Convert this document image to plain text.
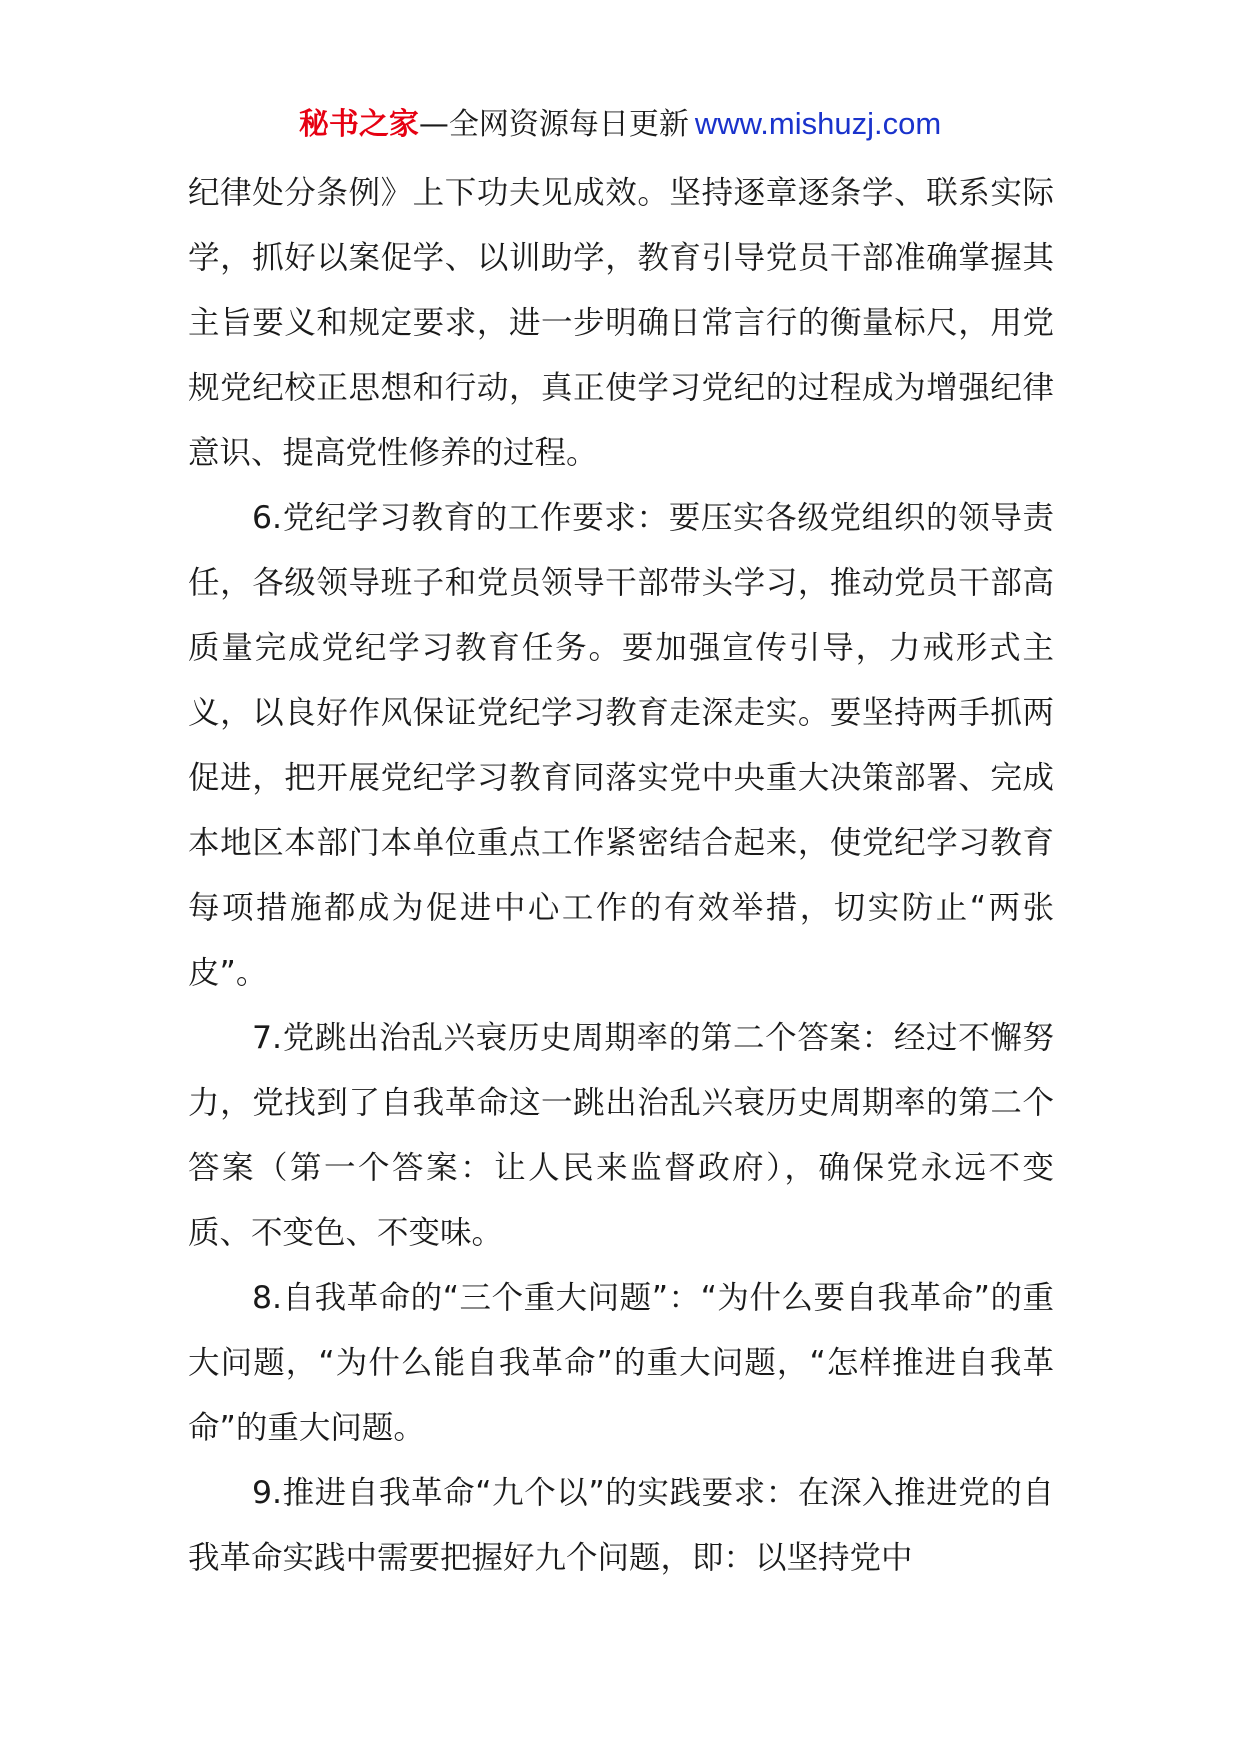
秘书之家—全网资源每日更新 www.mishuzj.com

纪律处分条例》上下功夫见成效。坚持逐章逐条学、联系实际学，抓好以案促学、以训助学，教育引导党员干部准确掌握其主旨要义和规定要求，进一步明确日常言行的衡量标尺，用党规党纪校正思想和行动，真正使学习党纪的过程成为增强纪律意识、提高党性修养的过程。

6.党纪学习教育的工作要求：要压实各级党组织的领导责任，各级领导班子和党员领导干部带头学习，推动党员干部高质量完成党纪学习教育任务。要加强宣传引导，力戒形式主义，以良好作风保证党纪学习教育走深走实。要坚持两手抓两促进，把开展党纪学习教育同落实党中央重大决策部署、完成本地区本部门本单位重点工作紧密结合起来，使党纪学习教育每项措施都成为促进中心工作的有效举措，切实防止“两张皮”。

7.党跳出治乱兴衰历史周期率的第二个答案：经过不懈努力，党找到了自我革命这一跳出治乱兴衰历史周期率的第二个答案（第一个答案：让人民来监督政府），确保党永远不变质、不变色、不变味。

8.自我革命的“三个重大问题”：“为什么要自我革命”的重大问题，“为什么能自我革命”的重大问题，“怎样推进自我革命”的重大问题。

9.推进自我革命“九个以”的实践要求：在深入推进党的自我革命实践中需要把握好九个问题，即：以坚持党中
